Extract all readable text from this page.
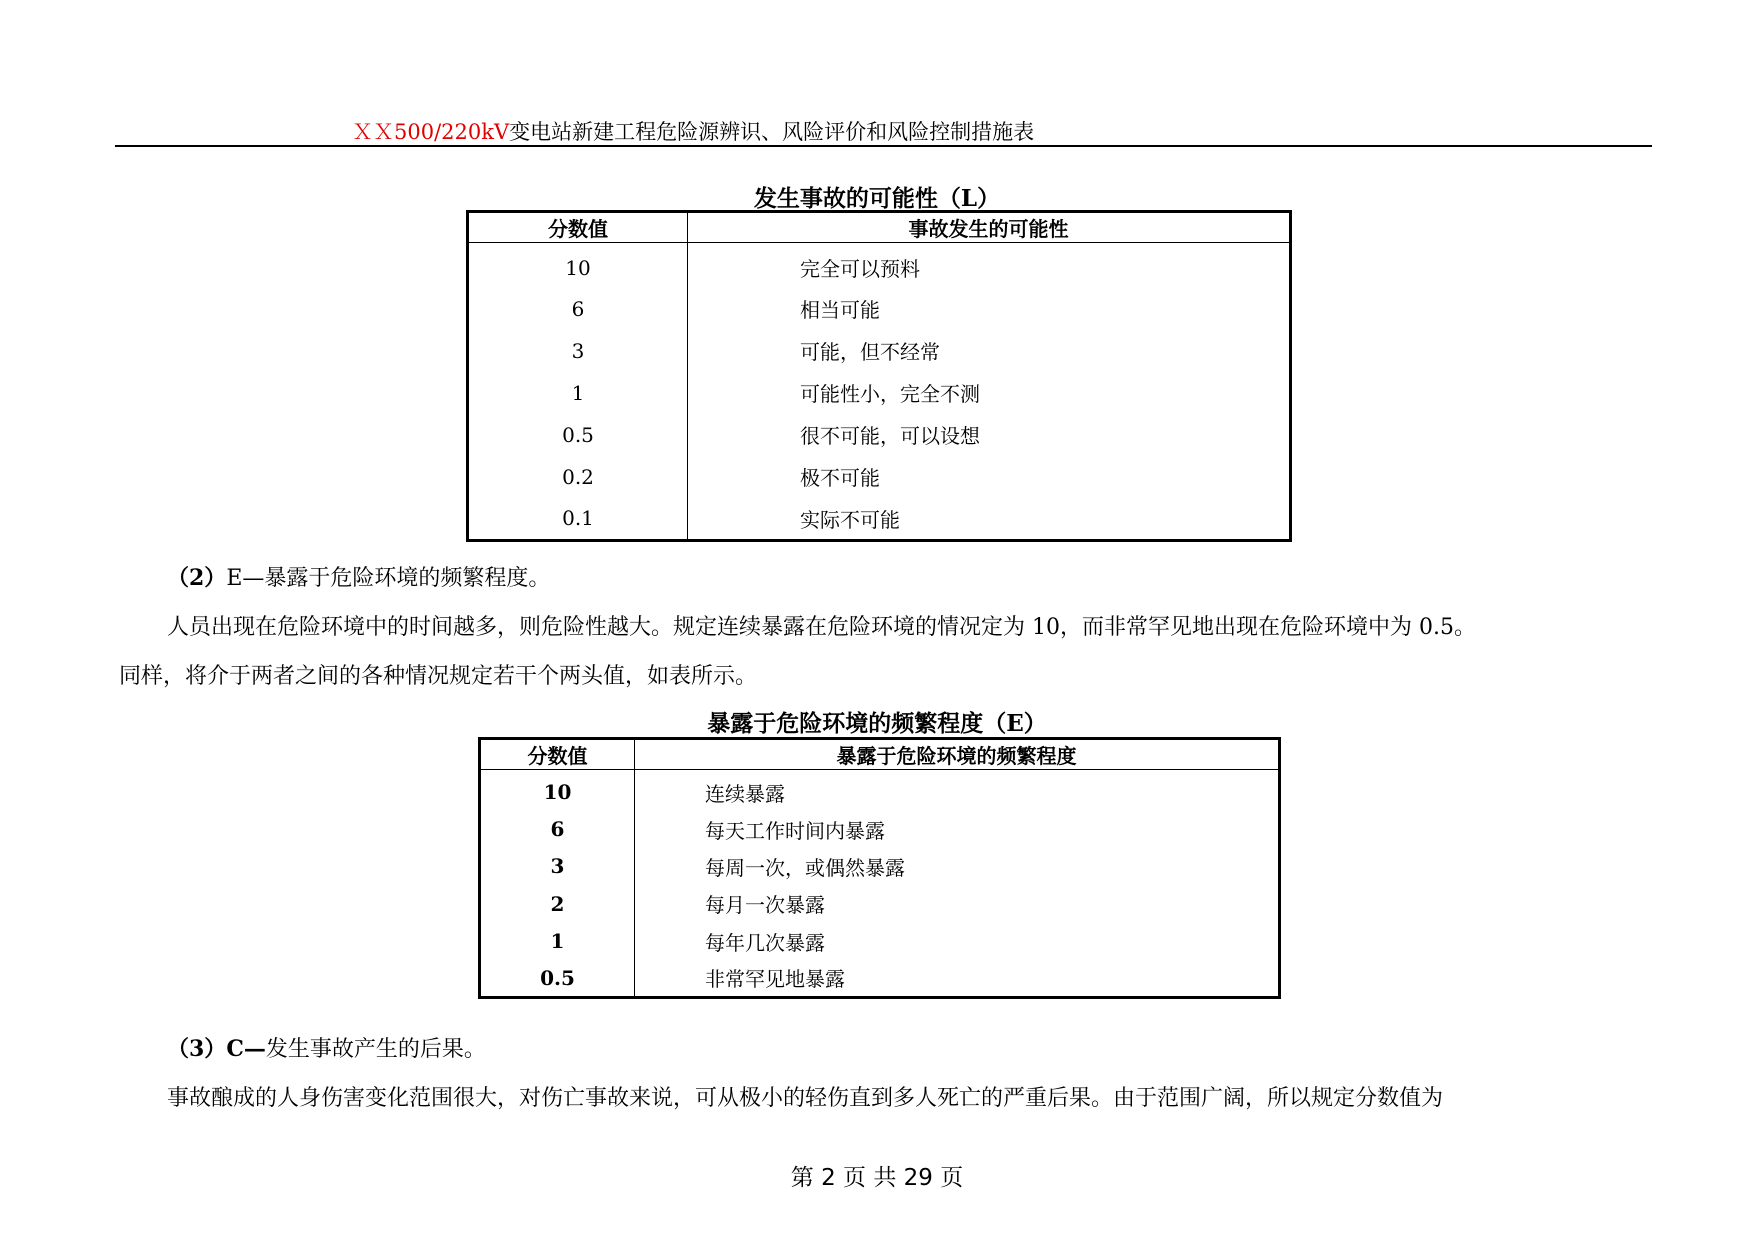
ＸＸ500/220kV变电站新建工程危险源辨识、风险评价和风险控制措施表
发生事故的可能性（L）
分数值	事故发生的可能性
10	完全可以预料
6	相当可能
3	可能，但不经常
1	可能性小，完全不测
0.5	很不可能，可以设想
0.2	极不可能
0.1	实际不可能
（2）E—暴露于危险环境的频繁程度。
人员出现在危险环境中的时间越多，则危险性越大。规定连续暴露在危险环境的情况定为 10，而非常罕见地出现在危险环境中为 0.5。
同样，将介于两者之间的各种情况规定若干个两头值，如表所示。
暴露于危险环境的频繁程度（E）
分数值	暴露于危险环境的频繁程度
10	连续暴露
6	每天工作时间内暴露
3	每周一次，或偶然暴露
2	每月一次暴露
1	每年几次暴露
0.5	非常罕见地暴露
（3）C—发生事故产生的后果。
事故酿成的人身伤害变化范围很大，对伤亡事故来说，可从极小的轻伤直到多人死亡的严重后果。由于范围广阔，所以规定分数值为
第 2 页 共 29 页
